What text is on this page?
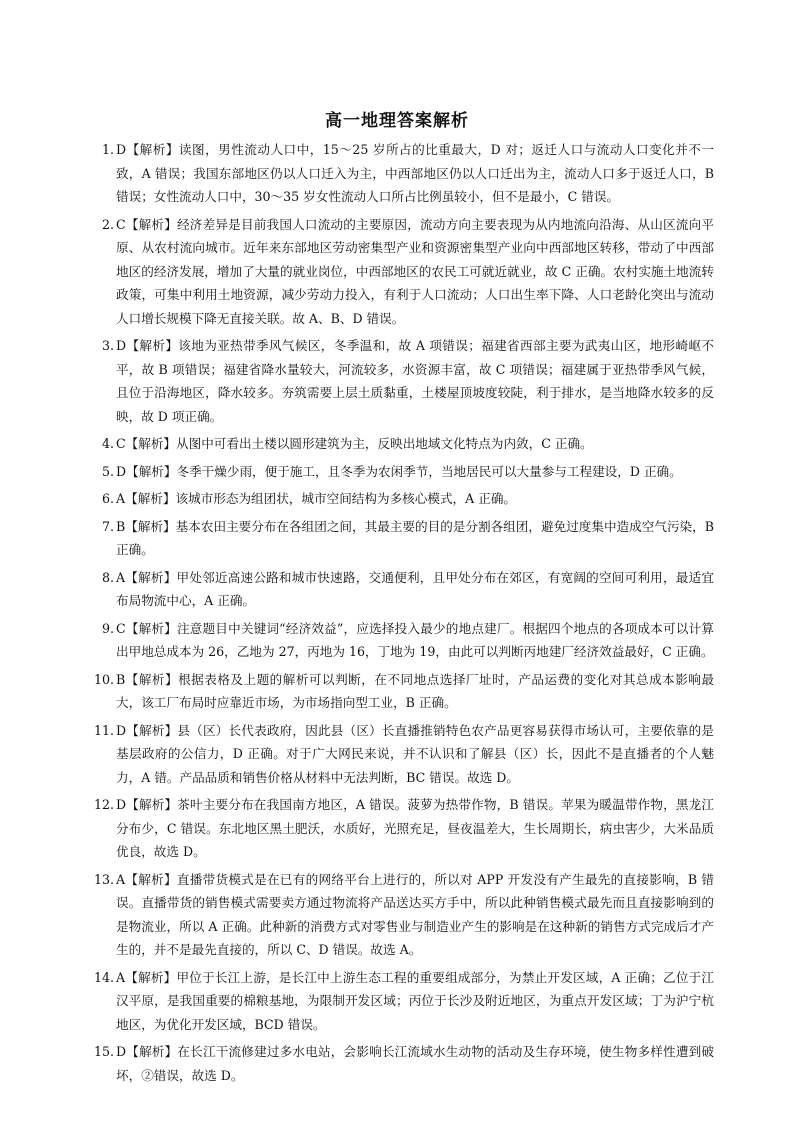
高一地理答案解析
1. D【解析】读图，男性流动人口中，15～25 岁所占的比重最大，D 对；返迁人口与流动人口变化并不一致，A 错误；我国东部地区仍以人口迁入为主，中西部地区仍以人口迁出为主，流动人口多于返迁人口，B 错误；女性流动人口中，30～35 岁女性流动人口所占比例虽较小，但不是最小，C 错误。
2. C【解析】经济差异是目前我国人口流动的主要原因，流动方向主要表现为从内地流向沿海、从山区流向平原、从农村流向城市。近年来东部地区劳动密集型产业和资源密集型产业向中西部地区转移，带动了中西部地区的经济发展，增加了大量的就业岗位，中西部地区的农民工可就近就业，故 C 正确。农村实施土地流转政策，可集中利用土地资源，减少劳动力投入，有利于人口流动；人口出生率下降、人口老龄化突出与流动人口增长规模下降无直接关联。故 A、B、D 错误。
3. D【解析】该地为亚热带季风气候区，冬季温和，故 A 项错误；福建省西部主要为武夷山区，地形崎岖不平，故 B 项错误；福建省降水量较大，河流较多，水资源丰富，故 C 项错误；福建属于亚热带季风气候，且位于沿海地区，降水较多。夯筑需要上层土质黏重，土楼屋顶坡度较陡，利于排水，是当地降水较多的反映，故 D 项正确。
4. C【解析】从图中可看出土楼以圆形建筑为主，反映出地域文化特点为内敛，C 正确。
5. D【解析】冬季干燥少雨，便于施工，且冬季为农闲季节，当地居民可以大量参与工程建设，D 正确。
6. A【解析】该城市形态为组团状，城市空间结构为多核心模式，A 正确。
7. B【解析】基本农田主要分布在各组团之间，其最主要的目的是分割各组团，避免过度集中造成空气污染，B 正确。
8. A【解析】甲处邻近高速公路和城市快速路，交通便利，且甲处分布在郊区，有宽阔的空间可利用，最适宜布局物流中心，A 正确。
9. C【解析】注意题目中关键词“经济效益”，应选择投入最少的地点建厂。根据四个地点的各项成本可以计算出甲地总成本为 26，乙地为 27，丙地为 16，丁地为 19，由此可以判断丙地建厂经济效益最好，C 正确。
10. B【解析】根据表格及上题的解析可以判断，在不同地点选择厂址时，产品运费的变化对其总成本影响最大，该工厂布局时应靠近市场，为市场指向型工业，B 正确。
11. D【解析】县（区）长代表政府，因此县（区）长直播推销特色农产品更容易获得市场认可，主要依靠的是基层政府的公信力，D 正确。对于广大网民来说，并不认识和了解县（区）长，因此不是直播者的个人魅力，A 错。产品品质和销售价格从材料中无法判断，BC 错误。故选 D。
12. D【解析】茶叶主要分布在我国南方地区，A 错误。菠萝为热带作物，B 错误。苹果为暖温带作物，黑龙江分布少，C 错误。东北地区黑土肥沃，水质好，光照充足，昼夜温差大，生长周期长，病虫害少，大米品质优良，故选 D。
13. A【解析】直播带货模式是在已有的网络平台上进行的，所以对 APP 开发没有产生最先的直接影响，B 错误。直播带货的销售模式需要卖方通过物流将产品送达买方手中，所以此种销售模式最先而且直接影响到的是物流业，所以 A 正确。此种新的消费方式对零售业与制造业产生的影响是在这种新的销售方式完成后才产生的，并不是最先直接的，所以 C、D 错误。故选 A。
14. A【解析】甲位于长江上游，是长江中上游生态工程的重要组成部分，为禁止开发区域，A 正确；乙位于江汉平原，是我国重要的棉粮基地，为限制开发区域；丙位于长沙及附近地区，为重点开发区域；丁为沪宁杭地区，为优化开发区域，BCD 错误。
15. D【解析】在长江干流修建过多水电站，会影响长江流域水生动物的活动及生存环境，使生物多样性遭到破坏，②错误，故选 D。
